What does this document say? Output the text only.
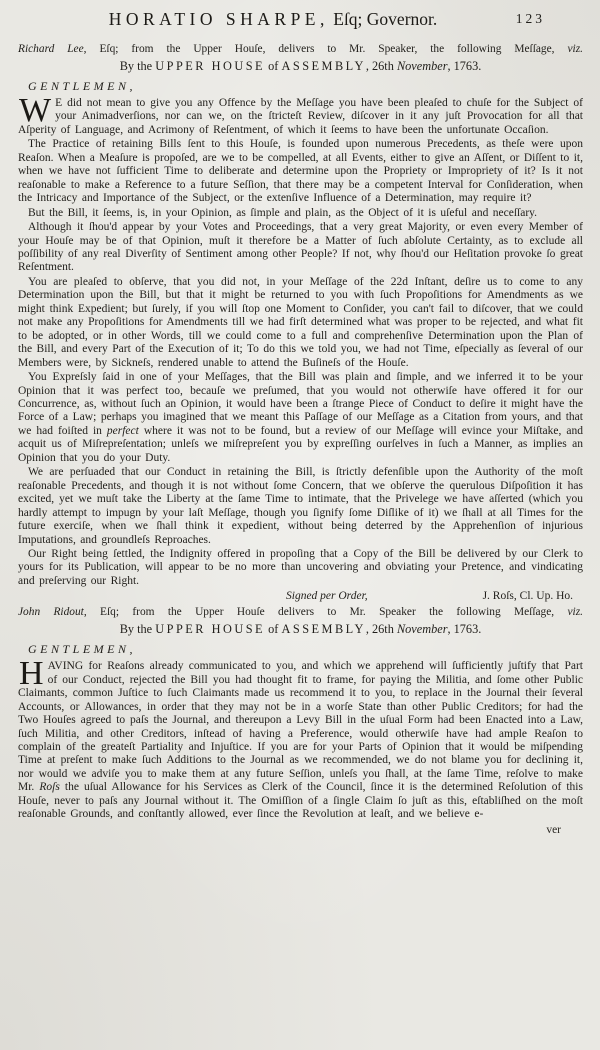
HORATIO SHARPE, Eſq; Governor.	123
Richard Lee, Eſq; from the Upper Houſe, delivers to Mr. Speaker, the following Meſſage, viz.
By the UPPER HOUSE of ASSEMBLY, 26th November, 1763.
GENTLEMEN,

W E did not mean to give you any Offence by the Meſſage you have been pleaſed to chuſe for the Subject of your Animadverſions, nor can we, on the ſtricteſt Review, diſcover in it any juſt Provocation for all that Aſperity of Language, and Acrimony of Reſentment, of which it ſeems to have been the unfortunate Occaſion.

The Practice of retaining Bills ſent to this Houſe, is founded upon numerous Precedents, as theſe were upon Reaſon. When a Meaſure is propoſed, are we to be compelled, at all Events, either to give an Aſſent, or Diſſent to it, when we have not ſufficient Time to deliberate and determine upon the Propriety or Impropriety of it? Is it not reaſonable to make a Reference to a future Seſſion, that there may be a competent Interval for Conſideration, when the Intricacy and Importance of the Subject, or the extenſive Influence of a Determination, may require it?

But the Bill, it ſeems, is, in your Opinion, as ſimple and plain, as the Object of it is uſeful and neceſſary.

Although it ſhou'd appear by your Votes and Proceedings, that a very great Majority, or even every Member of your Houſe may be of that Opinion, muſt it therefore be a Matter of ſuch abſolute Certainty, as to exclude all poſſibility of any real Diverſity of Sentiment among other People? If not, why ſhou'd our Heſitation provoke ſo great Reſentment.

You are pleaſed to obſerve, that you did not, in your Meſſage of the 22d Inſtant, deſire us to come to any Determination upon the Bill, but that it might be returned to you with ſuch Propoſitions for Amendments as we might think Expedient; but ſurely, if you will ſtop one Moment to Conſider, you can't fail to diſcover, that we could not make any Propoſitions for Amendments till we had firſt determined what was proper to be rejected, and what fit to be adopted, or in other Words, till we could come to a full and comprehenſive Determination upon the Plan of the Bill, and every Part of the Execution of it; To do this we told you, we had not Time, eſpecially as ſeveral of our Members were, by Sickneſs, rendered unable to attend the Buſineſs of the Houſe.

You Expreſsly ſaid in one of your Meſſages, that the Bill was plain and ſimple, and we inferred it to be your Opinion that it was perfect too, becauſe we preſumed, that you would not otherwiſe have offered it for our Concurrence, as, without ſuch an Opinion, it would have been a ſtrange Piece of Conduct to deſire it might have the Force of a Law; perhaps you imagined that we meant this Paſſage of our Meſſage as a Citation from yours, and that we had foiſted in perfect where it was not to be found, but a review of our Meſſage will evince your Miſtake, and acquit us of Miſrepreſentation; unleſs we miſrepreſent you by expreſſing ourſelves in ſuch a Manner, as implies an Opinion that you do your Duty.

We are perſuaded that our Conduct in retaining the Bill, is ſtrictly defenſible upon the Authority of the moſt reaſonable Precedents, and though it is not without ſome Concern, that we obſerve the querulous Diſpoſition it has excited, yet we muſt take the Liberty at the ſame Time to intimate, that the Privelege we have aſſerted (which you hardly attempt to impugn by your laſt Meſſage, though you ſignify ſome Diſlike of it) we ſhall at all Times for the future exerciſe, when we ſhall think it expedient, without being deterred by the Apprehenſion of injurious Imputations, and groundleſs Reproaches.

Our Right being ſettled, the Indignity offered in propoſing that a Copy of the Bill be delivered by our Clerk to yours for its Publication, will appear to be no more than uncovering and obviating your Pretence, and vindicating and preſerving our Right.

Signed per Order,	J. Roſs, Cl. Up. Ho.
John Ridout, Eſq; from the Upper Houſe delivers to Mr. Speaker the following Meſſage, viz.
By the UPPER HOUSE of ASSEMBLY, 26th November, 1763.
GENTLEMEN,

HAVING for Reaſons already communicated to you, and which we apprehend will ſufficiently juſtify that Part of our Conduct, rejected the Bill you had thought fit to frame, for paying the Militia, and ſome other Public Claimants, common Juſtice to ſuch Claimants made us recommend it to you, to replace in the Journal their ſeveral Accounts, or Allowances, in order that they may not be in a worſe State than other Public Creditors; for had the Two Houſes agreed to paſs the Journal, and thereupon a Levy Bill in the uſual Form had been Enacted into a Law, ſuch Militia, and other Creditors, inſtead of having a Preference, would otherwiſe have had ample Reaſon to complain of the greateſt Partiality and Injuſtice. If you are for your Parts of Opinion that it would be miſpending Time at preſent to make ſuch Additions to the Journal as we recommended, we do not blame you for declining it, nor would we adviſe you to make them at any future Seſſion, unleſs you ſhall, at the ſame Time, reſolve to make Mr. Roſs the uſual Allowance for his Services as Clerk of the Council, ſince it is the determined Reſolution of this Houſe, never to paſs any Journal without it. The Omiſſion of a ſingle Claim ſo juſt as this, eſtabliſhed on the moſt reaſonable Grounds, and conſtantly allowed, ever ſince the Revolution at leaſt, and we believe e-

ver
